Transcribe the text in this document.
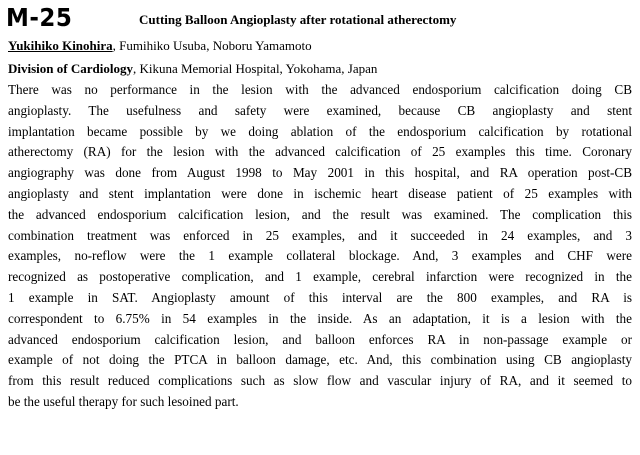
M-25	Cutting Balloon Angioplasty after rotational atherectomy
Yukihiko Kinohira, Fumihiko Usuba, Noboru Yamamoto
Division of Cardiology, Kikuna Memorial Hospital, Yokohama, Japan
There was no performance in the lesion with the advanced endosporium calcification doing CB
angioplasty. The usefulness and safety were examined, because CB angioplasty and stent
implantation became possible by we doing ablation of the endosporium calcification by rotational
atherectomy (RA) for the lesion with the advanced calcification of 25 examples this time. Coronary
angiography was done from August 1998 to May 2001 in this hospital, and RA operation post-CB
angioplasty and stent implantation were done in ischemic heart disease patient of 25 examples with
the advanced endosporium calcification lesion, and the result was examined. The complication this
combination treatment was enforced in 25 examples, and it succeeded in 24 examples, and 3
examples, no-reflow were the 1 example collateral blockage. And, 3 examples and CHF were
recognized as postoperative complication, and 1 example, cerebral infarction were recognized in the
1 example in SAT. Angioplasty amount of this interval are the 800 examples, and RA is
correspondent to 6.75% in 54 examples in the inside. As an adaptation, it is a lesion with the
advanced endosporium calcification lesion, and balloon enforces RA in non-passage example or
example of not doing the PTCA in balloon damage, etc. And, this combination using CB angioplasty
from this result reduced complications such as slow flow and vascular injury of RA, and it seemed to
be the useful therapy for such lesoined part.
